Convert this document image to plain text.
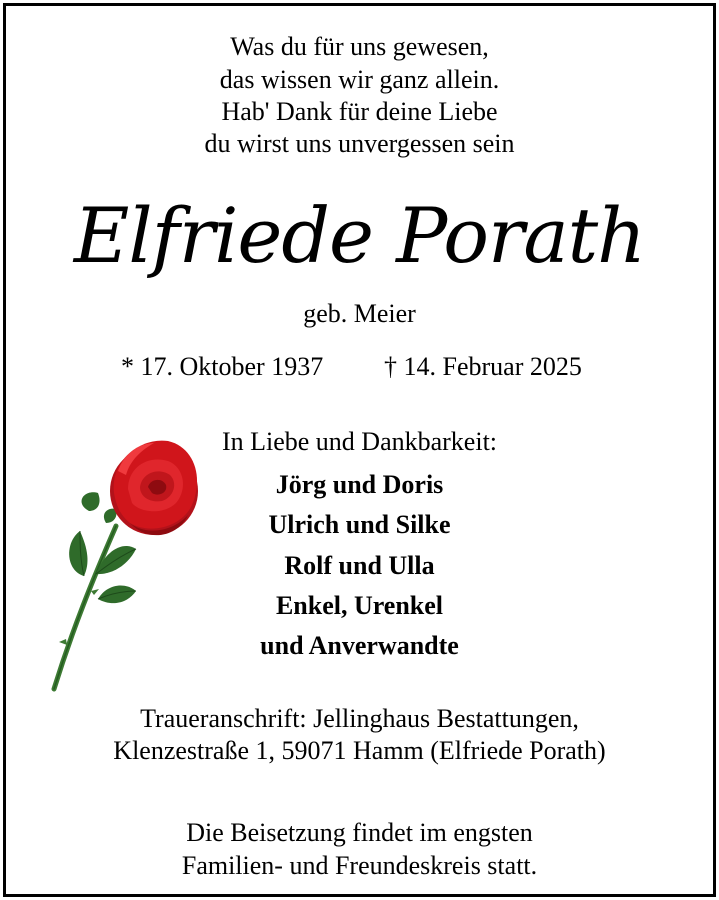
Was du für uns gewesen,
das wissen wir ganz allein.
Hab' Dank für deine Liebe
du wirst uns unvergessen sein
Elfriede Porath
geb. Meier
* 17. Oktober 1937 † 14. Februar 2025
In Liebe und Dankbarkeit:
Jörg und Doris
Ulrich und Silke
Rolf und Ulla
Enkel, Urenkel
und Anverwandte
Traueranschrift: Jellinghaus Bestattungen,
Klenzestraße 1, 59071 Hamm (Elfriede Porath)
Die Beisetzung findet im engsten
Familien- und Freundeskreis statt.
